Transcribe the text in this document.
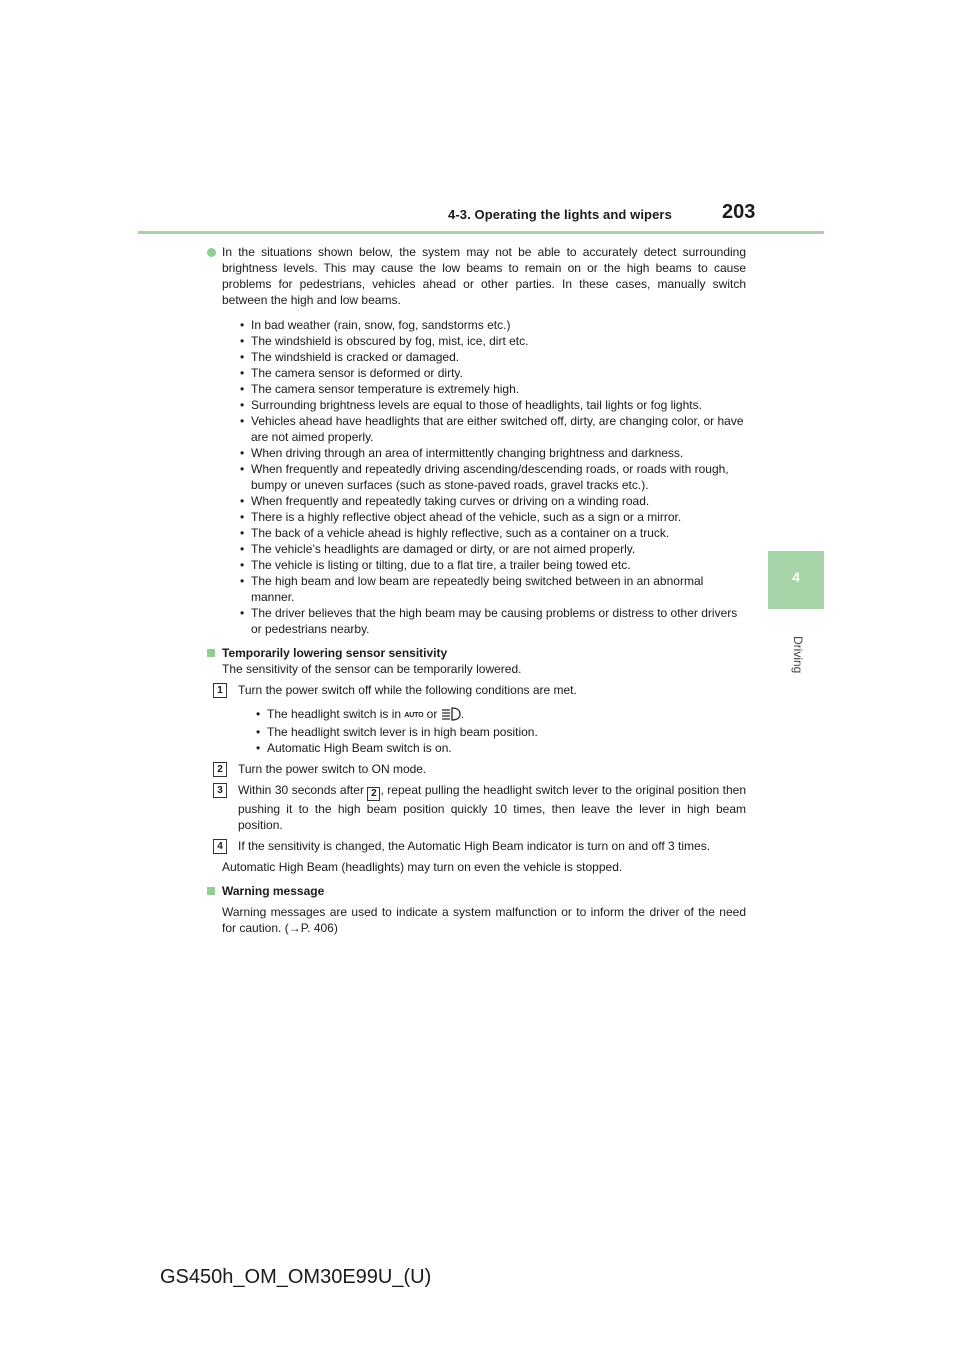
4-3. Operating the lights and wipers	203
4
Driving

In the situations shown below, the system may not be able to accurately detect surrounding brightness levels. This may cause the low beams to remain on or the high beams to cause problems for pedestrians, vehicles ahead or other parties. In these cases, manually switch between the high and low beams.

• In bad weather (rain, snow, fog, sandstorms etc.)
• The windshield is obscured by fog, mist, ice, dirt etc.
• The windshield is cracked or damaged.
• The camera sensor is deformed or dirty.
• The camera sensor temperature is extremely high.
• Surrounding brightness levels are equal to those of headlights, tail lights or fog lights.
• Vehicles ahead have headlights that are either switched off, dirty, are changing color, or have are not aimed properly.
• When driving through an area of intermittently changing brightness and darkness.
• When frequently and repeatedly driving ascending/descending roads, or roads with rough, bumpy or uneven surfaces (such as stone-paved roads, gravel tracks etc.).
• When frequently and repeatedly taking curves or driving on a winding road.
• There is a highly reflective object ahead of the vehicle, such as a sign or a mirror.
• The back of a vehicle ahead is highly reflective, such as a container on a truck.
• The vehicle’s headlights are damaged or dirty, or are not aimed properly.
• The vehicle is listing or tilting, due to a flat tire, a trailer being towed etc.
• The high beam and low beam are repeatedly being switched between in an abnormal manner.
• The driver believes that the high beam may be causing problems or distress to other drivers or pedestrians nearby.
Temporarily lowering sensor sensitivity
The sensitivity of the sensor can be temporarily lowered.
1	Turn the power switch off while the following conditions are met.
• The headlight switch is in AUTO or .
• The headlight switch lever is in high beam position.
• Automatic High Beam switch is on.
2	Turn the power switch to ON mode.
3	Within 30 seconds after 2 , repeat pulling the headlight switch lever to the original position then pushing it to the high beam position quickly 10 times, then leave the lever in high beam position.
4	If the sensitivity is changed, the Automatic High Beam indicator is turn on and off 3 times.
Automatic High Beam (headlights) may turn on even the vehicle is stopped.
Warning message
Warning messages are used to indicate a system malfunction or to inform the driver of the need for caution. (→P. 406)
GS450h_OM_OM30E99U_(U)
